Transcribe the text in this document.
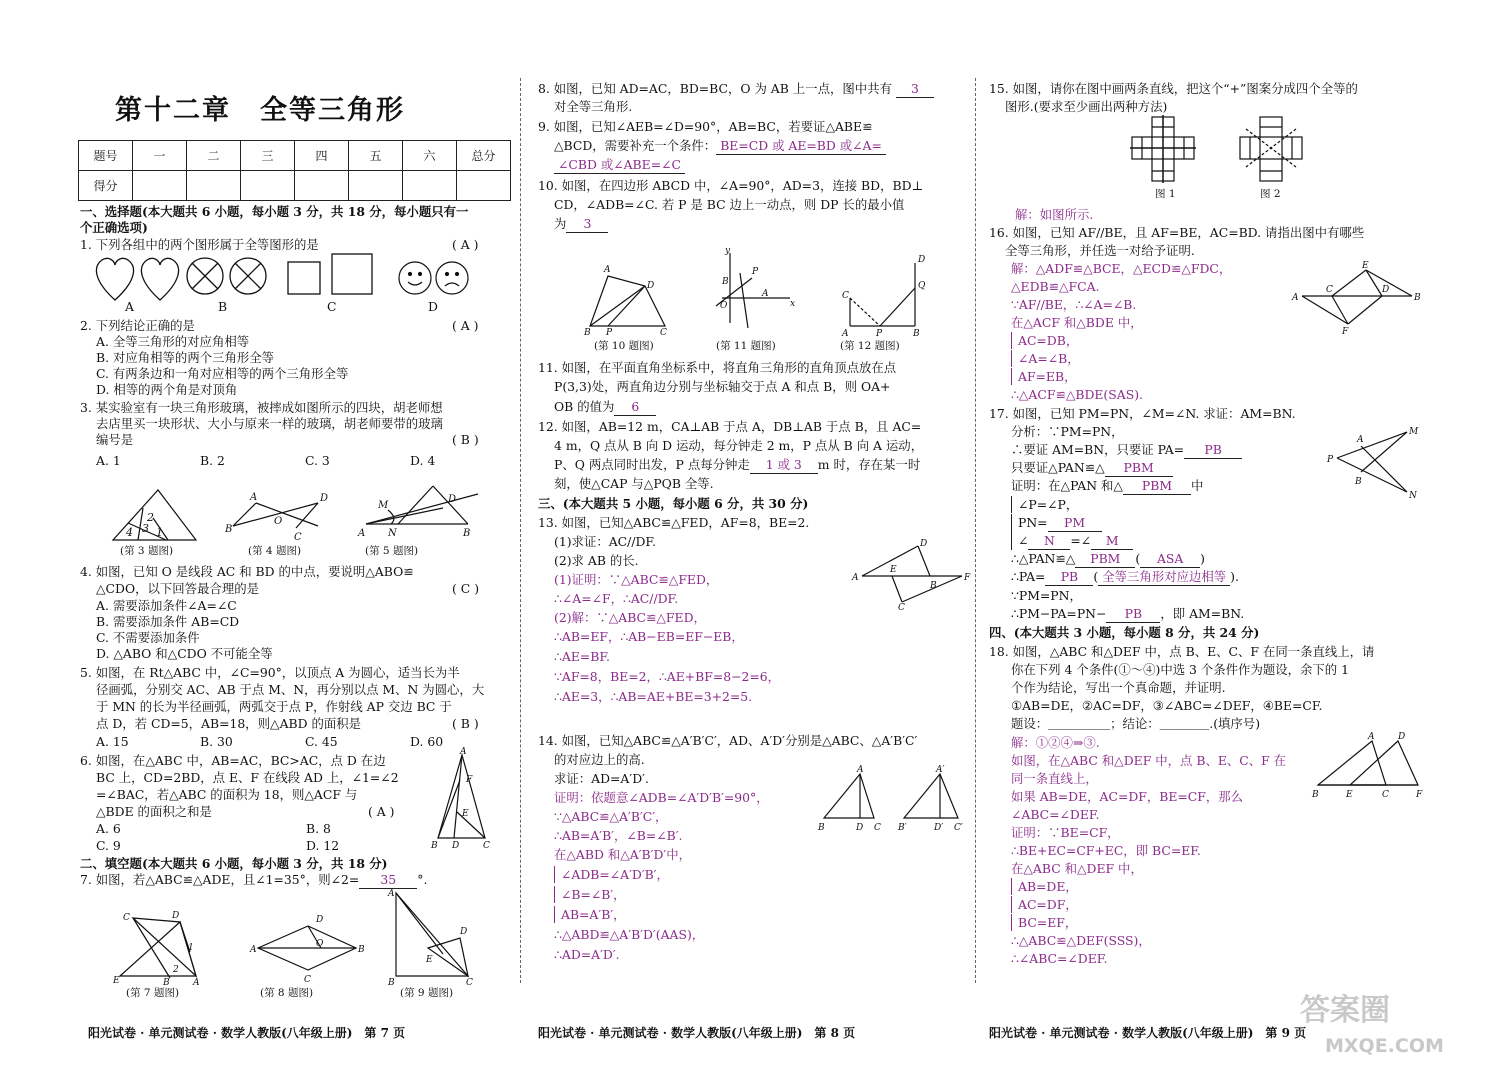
第十二章　全等三角形
题号	一	二	三	四	五	六	总分
得分							
一、选择题(本大题共 6 小题，每小题 3 分，共 18 分，每小题只有一
个正确选项)
1. 下列各组中的两个图形属于全等图形的是	( A )
A	B	C	D
2. 下列结论正确的是	( A )
A. 全等三角形的对应角相等
B. 对应角相等的两个三角形全等
C. 有两条边和一角对应相等的两个三角形全等
D. 相等的两个角是对顶角
3. 某实验室有一块三角形玻璃，被摔成如图所示的四块，胡老师想
去店里买一块形状、大小与原来一样的玻璃，胡老师要带的玻璃
编号是	( B )
A. 1	B. 2	C. 3	D. 4
4 3
2
1
A
B
O
D
C
M
N
D
B
A
(第 3 题图)	(第 4 题图)	(第 5 题图)
4. 如图，已知 O 是线段 AC 和 BD 的中点，要说明△ABO≌
△CDO，以下回答最合理的是	( C )
A. 需要添加条件∠A=∠C
B. 需要添加条件 AB=CD
C. 不需要添加条件
D. △ABO 和△CDO 不可能全等
5. 如图，在 Rt△ABC 中，∠C=90°，以顶点 A 为圆心，适当长为半
径画弧，分别交 AC、AB 于点 M、N，再分别以点 M、N 为圆心，大
于 MN 的长为半径画弧，两弧交于点 P，作射线 AP 交边 BC 于
点 D，若 CD=5，AB=18，则△ABD 的面积是	( B )
A. 15	B. 30	C. 45	D. 60
6. 如图，在△ABC 中，AB=AC，BC>AC，点 D 在边
BC 上，CD=2BD，点 E、F 在线段 AD 上，∠1=∠2
=∠BAC，若△ABC 的面积为 18，则△ACF 与
△BDE 的面积之和是	( A )
A. 6	B. 8
C. 9	D. 12
A
B D	C
F
E
二、填空题(本大题共 6 小题，每小题 3 分，共 18 分)
7. 如图，若△ABC≌△ADE，且∠1=35°，则∠2= 35 °.
C	D
1
2
E	B	A
A
D
O
B
C
A
D
E
B	C
(第 7 题图)	(第 8 题图)	(第 9 题图)
阳光试卷 · 单元测试卷 · 数学人教版(八年级上册)　第 7 页
8. 如图，已知 AD=AC，BD=BC，O 为 AB 上一点，图中共有 3
对全等三角形.
9. 如图，已知∠AEB=∠D=90°，AB=BC，若要证△ABE≌
△BCD，需要补充一个条件： BE=CD 或 AE=BD 或∠A=
∠CBD 或∠ABE=∠C
10. 如图，在四边形 ABCD 中，∠A=90°，AD=3，连接 BD，BD⊥
CD，∠ADB=∠C. 若 P 是 BC 边上一动点，则 DP 长的最小值
为 3
A
D
B P	C
y
x
B
P
A
O
C
D
Q
A	P	B
(第 10 题图)	(第 11 题图)	(第 12 题图)
11. 如图，在平面直角坐标系中，将直角三角形的直角顶点放在点
P(3,3)处，两直角边分别与坐标轴交于点 A 和点 B，则 OA+
OB 的值为 6
12. 如图，AB=12 m，CA⊥AB 于点 A，DB⊥AB 于点 B，且 AC=
4 m，Q 点从 B 向 D 运动，每分钟走 2 m，P 点从 B 向 A 运动，
P、Q 两点同时出发，P 点每分钟走 1 或 3 m 时，存在某一时
刻，使△CAP 与△PQB 全等.
三、(本大题共 5 小题，每小题 6 分，共 30 分)
13. 如图，已知△ABC≌△FED，AF=8，BE=2.
(1)求证：AC//DF.
(2)求 AB 的长.
(1)证明：∵△ABC≌△FED，
∴∠A=∠F，∴AC//DF.
(2)解：∵△ABC≌△FED，
∴AB=EF，∴AB−EB=EF−EB，
∴AE=BF.
∵AF=8，BE=2，∴AE+BF=8−2=6，
∴AE=3，∴AB=AE+BE=3+2=5.
A
E
D
B
F
C
14. 如图，已知△ABC≌△A′B′C′，AD、A′D′分别是△ABC、△A′B′C′
的对应边上的高.
求证：AD=A′D′.
证明：依题意∠ADB=∠A′D′B′=90°，
∵△ABC≌△A′B′C′，
∴AB=A′B′，∠B=∠B′.
在△ABD 和△A′B′D′中，
∠ADB=∠A′D′B′，
∠B=∠B′，
AB=A′B′，
∴△ABD≌△A′B′D′(AAS)，
∴AD=A′D′.
A
B	D C
A′
B′	D′ C′
阳光试卷 · 单元测试卷 · 数学人教版(八年级上册)　第 8 页
15. 如图，请你在图中画两条直线，把这个“+”图案分成四个全等的
图形.(要求至少画出两种方法)
图 1	图 2
解：如图所示.
16. 如图，已知 AF//BE，且 AF=BE，AC=BD. 请指出图中有哪些
全等三角形，并任选一对给予证明.
解：△ADF≌△BCE，△ECD≌△FDC，
△EDB≌△FCA.
∵AF//BE，∴∠A=∠B.
在△ACF 和△BDE 中，
AC=DB，
∠A=∠B，
AF=EB，
∴△ACF≌△BDE(SAS).
A
C
E
D
B
F
17. 如图，已知 PM=PN，∠M=∠N. 求证：AM=BN.
分析：∵PM=PN，
∴要证 AM=BN，只要证 PA= PB
只要证△PAN≌△ PBM
证明：在△PAN 和△ PBM 中
∠P=∠P，
PN= PM
∠ N =∠ M
∴△PAN≌△ PBM ( ASA )
∴PA= PB ( 全等三角形对应边相等 ).
∵PM=PN，
∴PM−PA=PN− PB ，即 AM=BN.
P
M
N
A
B
四、(本大题共 3 小题，每小题 8 分，共 24 分)
18. 如图，△ABC 和△DEF 中，点 B、E、C、F 在同一条直线上，请
你在下列 4 个条件(①～④)中选 3 个条件作为题设，余下的 1
个作为结论，写出一个真命题，并证明.
①AB=DE，②AC=DF，③∠ABC=∠DEF，④BE=CF.
题设：＿＿＿＿＿；结论：＿＿＿＿.(填序号)
解：①②④⇒③.
如图，在△ABC 和△DEF 中，点 B、E、C、F 在
同一条直线上，
如果 AB=DE，AC=DF，BE=CF，那么
∠ABC=∠DEF.
证明：∵BE=CF，
∴BE+EC=CF+EC，即 BC=EF.
在△ABC 和△DEF 中，
AB=DE，
AC=DF，
BC=EF，
∴△ABC≌△DEF(SSS)，
∴∠ABC=∠DEF.
A	D
B	E	C	F
阳光试卷 · 单元测试卷 · 数学人教版(八年级上册)　第 9 页
答案圈
MXQE.COM
